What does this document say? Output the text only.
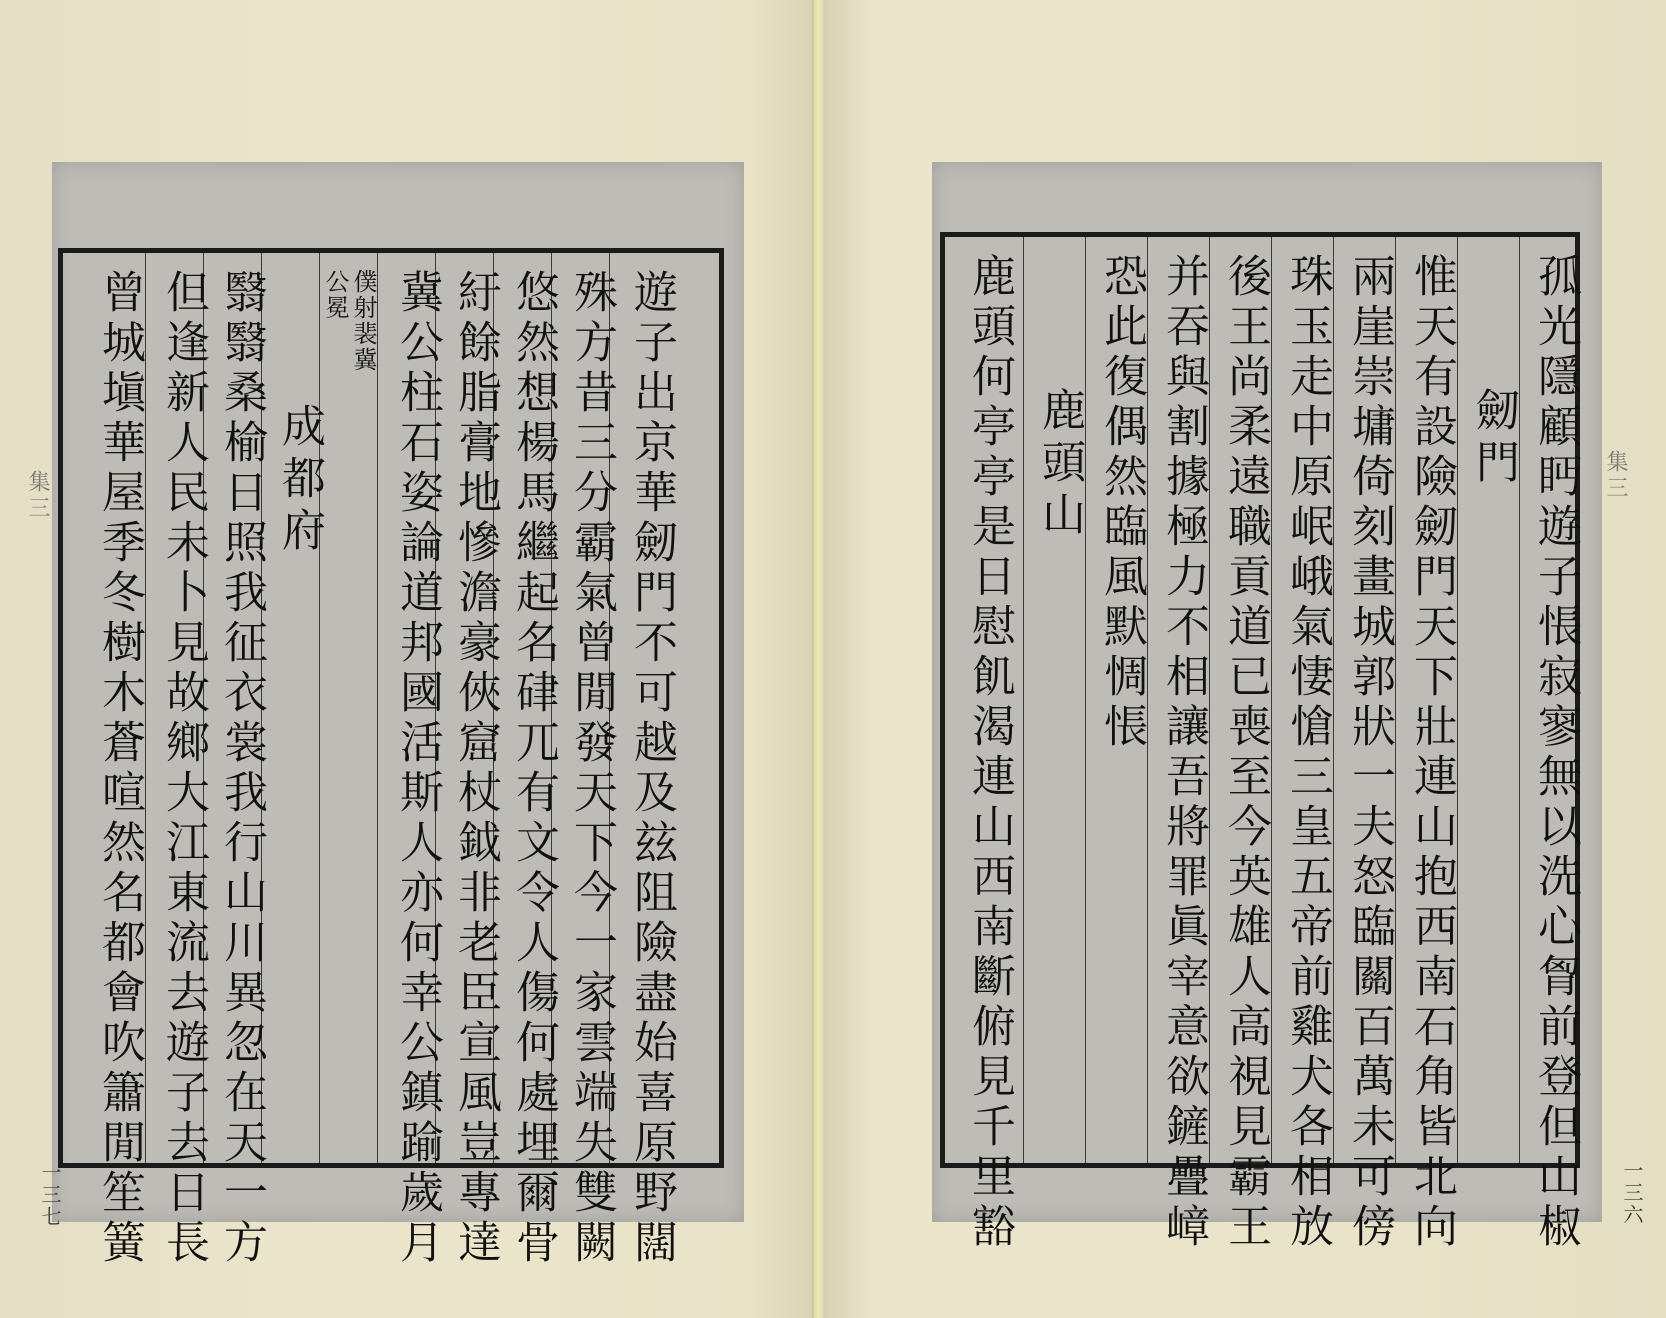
遊子出京華劒門不可越及玆阻險盡始喜原野闊
殊方昔三分霸氣曾閒發天下今一家雲端失雙闕
悠然想楊馬繼起名硉兀有文令人傷何處埋爾骨
紆餘脂膏地慘澹豪俠窟杖鉞非老臣宣風豈專達
冀公柱石姿論道邦國活斯人亦何幸公鎮踰歲月
僕射裴冀公冕
成都府
翳翳桑榆日照我征衣裳我行山川異忽在天一方
但逢新人民未卜見故鄉大江東流去遊子去日長
曾城塡華屋季冬樹木蒼喧然名都會吹簫閒笙簧
集三
一三七	孤光隱顧眄遊子悵寂寥無以洗心胷前登但山椒
劒門
惟天有設險劒門天下壯連山抱西南石角皆北向
兩崖崇墉倚刻畫城郭狀一夫怒臨關百萬未可傍
珠玉走中原岷峨氣悽愴三皇五帝前雞犬各相放
後王尚柔遠職貢道已喪至今英雄人高視見霸王
并吞與割據極力不相讓吾將罪眞宰意欲鏟疊嶂
恐此復偶然臨風默惆悵
鹿頭山
鹿頭何亭亭是日慰飢渴連山西南斷俯見千里豁	集三
一三六
